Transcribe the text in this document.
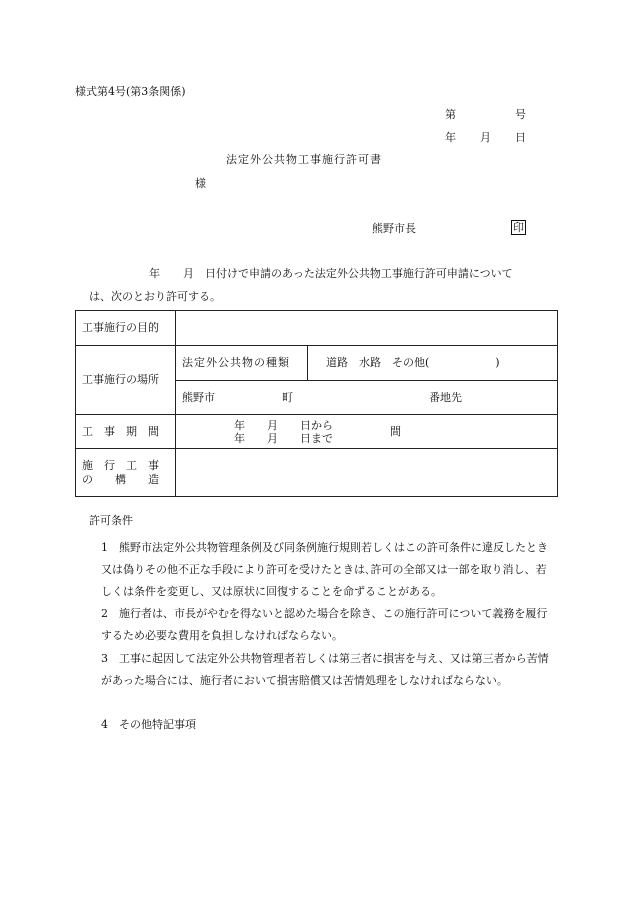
様式第4号(第3条関係)
第	号
年 月 日
法定外公共物工事施行許可書
様
熊野市長	印
年 月 日付けで申請のあった法定外公共物工事施行許可申請について
は、次のとおり許可する。
工事施行の目的		
工事施行の場所	法定外公共物の種類	道路　水路　その他(　　　　　　)
	熊野市 町 番地先	

工　事　期　間	年　　月　　日から
年　　月　　日まで 間	

施　行　工　事
の　　構　　造		

許可条件
1 熊野市法定外公共物管理条例及び同条例施行規則若しくはこの許可条件に違反したとき又は偽りその他不正な手段により許可を受けたときは､許可の全部又は一部を取り消し、若しくは条件を変更し、又は原状に回復することを命ずることがある。
2 施行者は、市長がやむを得ないと認めた場合を除き、この施行許可について義務を履行するため必要な費用を負担しなければならない。
3 工事に起因して法定外公共物管理者若しくは第三者に損害を与え、又は第三者から苦情があった場合には、施行者において損害賠償又は苦情処理をしなければならない。
4 その他特記事項
